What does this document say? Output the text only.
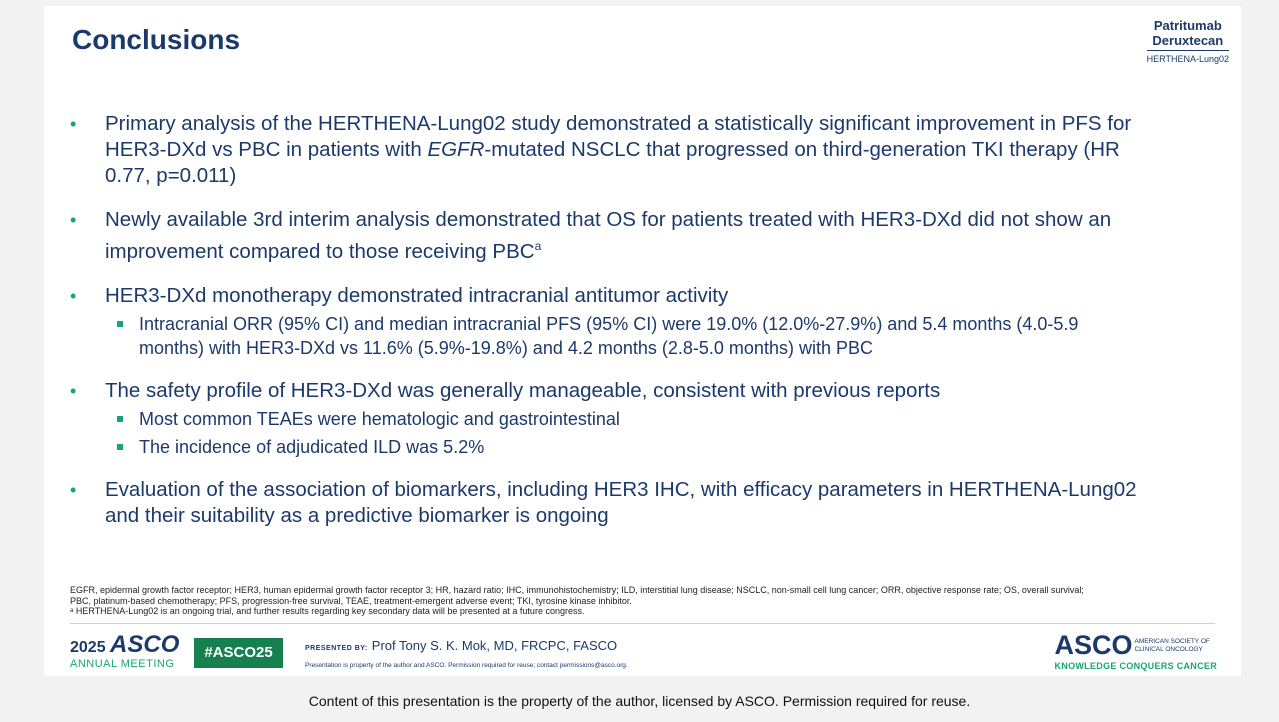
Conclusions	Patritumab
Deruxtecan
HERTHENA-Lung02
• Primary analysis of the HERTHENA-Lung02 study demonstrated a statistically significant improvement in PFS for HER3-DXd vs PBC in patients with EGFR-mutated NSCLC that progressed on third-generation TKI therapy (HR 0.77, p=0.011)
• Newly available 3rd interim analysis demonstrated that OS for patients treated with HER3-DXd did not show an improvement compared to those receiving PBC$^a$
• HER3-DXd monotherapy demonstrated intracranial antitumor activity
Intracranial ORR (95% CI) and median intracranial PFS (95% CI) were 19.0% (12.0%-27.9%) and 5.4 months (4.0-5.9 months) with HER3-DXd vs 11.6% (5.9%-19.8%) and 4.2 months (2.8-5.0 months) with PBC
• The safety profile of HER3-DXd was generally manageable, consistent with previous reports
Most common TEAEs were hematologic and gastrointestinal
The incidence of adjudicated ILD was 5.2%
• Evaluation of the association of biomarkers, including HER3 IHC, with efficacy parameters in HERTHENA-Lung02 and their suitability as a predictive biomarker is ongoing
EGFR, epidermal growth factor receptor; HER3, human epidermal growth factor receptor 3; HR, hazard ratio; IHC, immunohistochemistry; ILD, interstitial lung disease; NSCLC, non-small cell lung cancer; ORR, objective response rate; OS, overall survival;
PBC, platinum-based chemotherapy; PFS, progression-free survival, TEAE, treatment-emergent adverse event; TKI, tyrosine kinase inhibitor.
ᵃ HERTHENA-Lung02 is an ongoing trial, and further results regarding key secondary data will be presented at a future congress.
2025 ASCO
ANNUAL MEETING
#ASCO25	PRESENTED BY: Prof Tony S. K. Mok, MD, FRCPC, FASCO
Presentation is property of the author and ASCO. Permission required for reuse; contact permissions@asco.org.
ASCO AMERICAN SOCIETY OF
CLINICAL ONCOLOGY
KNOWLEDGE CONQUERS CANCER
Content of this presentation is the property of the author, licensed by ASCO. Permission required for reuse.
